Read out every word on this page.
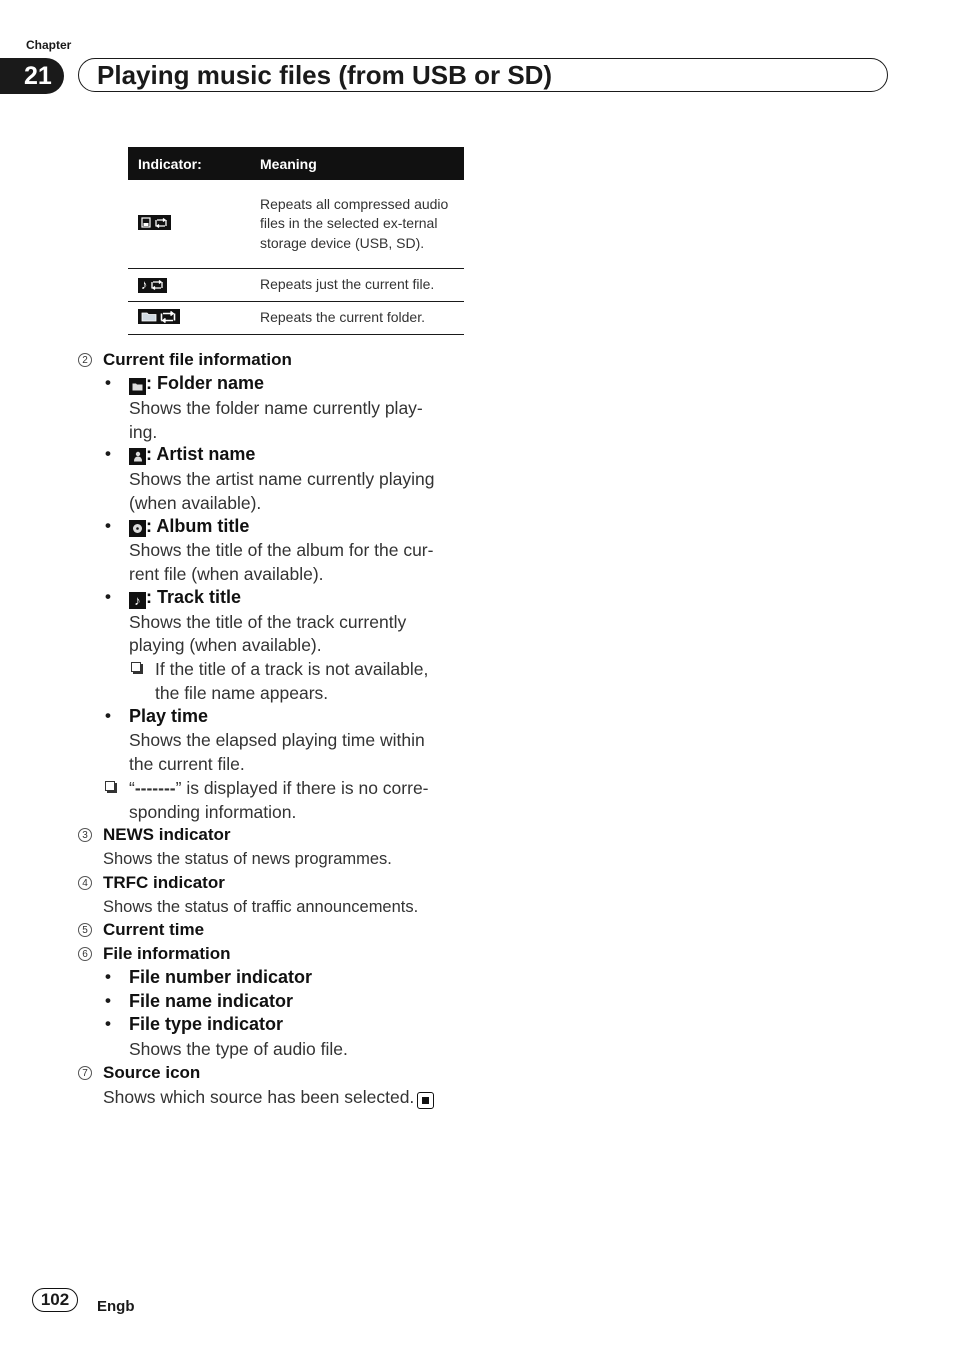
Chapter
21	Playing music files (from USB or SD)
Indicator:	Meaning

	Repeats all compressed audio files in the selected ex-ternal storage device (USB, SD).

♪	Repeats just the current file.

	Repeats the current folder.
2 Current file information
•	: Folder name
Shows the folder name currently play-
ing.
•	: Artist name
Shows the artist name currently playing
(when available).
•	: Album title
Shows the title of the album for the cur-
rent file (when available).
•	♪ : Track title
Shows the title of the track currently
playing (when available).
If the title of a track is not available,
the file name appears.
• Play time
Shows the elapsed playing time within
the current file.
“-------” is displayed if there is no corre-
sponding information.
3 NEWS indicator
Shows the status of news programmes.
4 TRFC indicator
Shows the status of traffic announcements.
5 Current time
6 File information
• File number indicator
• File name indicator
• File type indicator
Shows the type of audio file.
7 Source icon
Shows which source has been selected.
102	Engb
